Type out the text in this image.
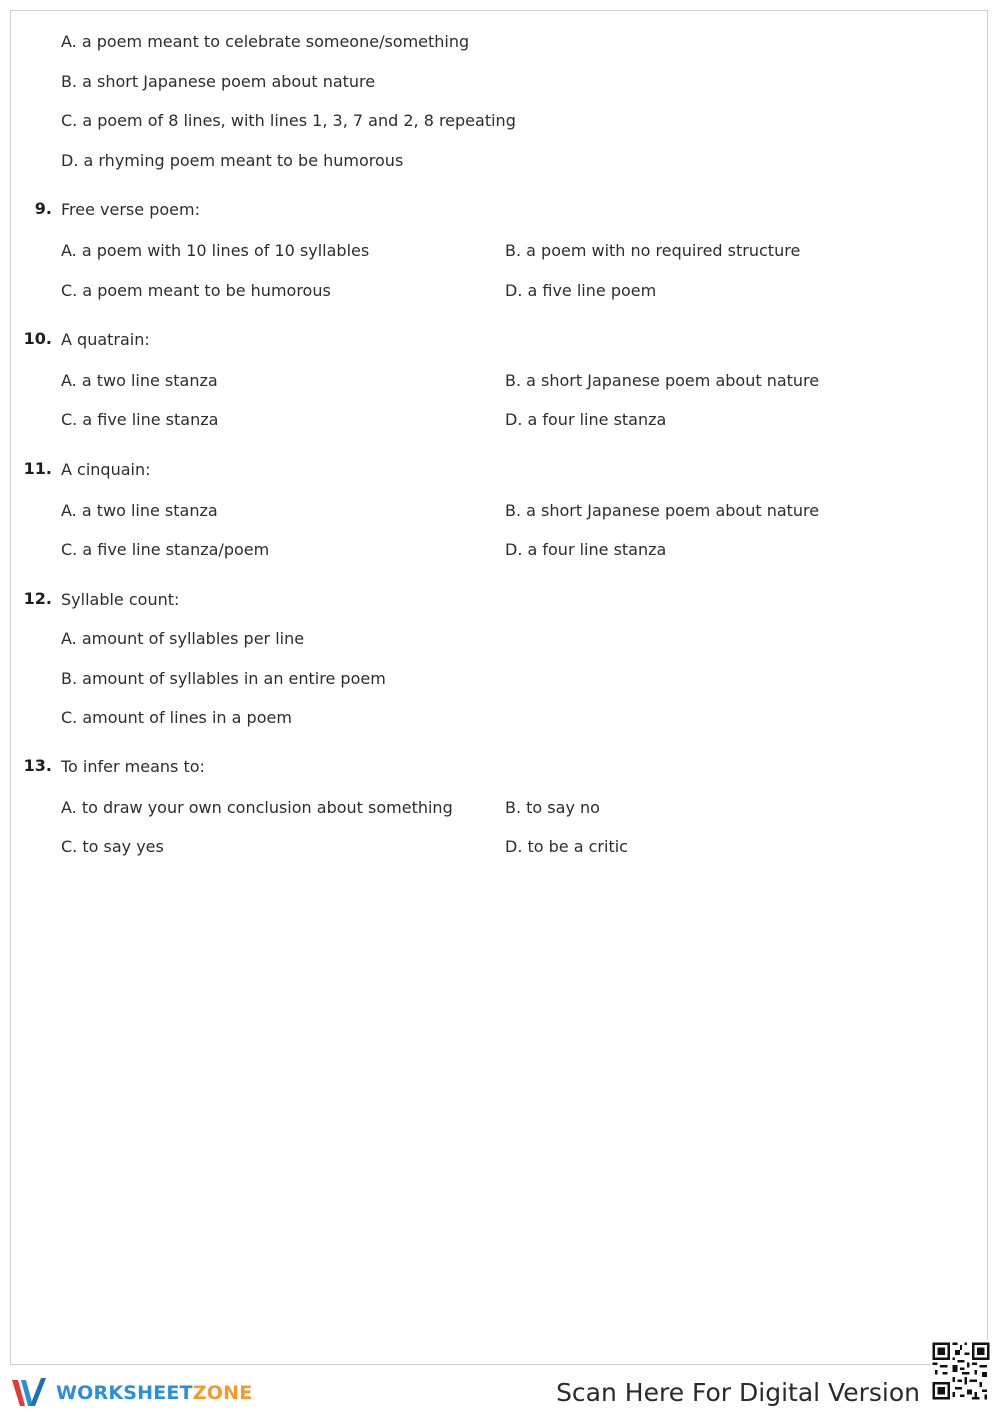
A. a poem meant to celebrate someone/something
B. a short Japanese poem about nature
C. a poem of 8 lines, with lines 1, 3, 7 and 2, 8 repeating
D. a rhyming poem meant to be humorous
9. Free verse poem:
A. a poem with 10 lines of 10 syllables	B. a poem with no required structure
C. a poem meant to be humorous	D. a five line poem
10. A quatrain:
A. a two line stanza	B. a short Japanese poem about nature
C. a five line stanza	D. a four line stanza
11. A cinquain:
A. a two line stanza	B. a short Japanese poem about nature
C. a five line stanza/poem	D. a four line stanza
12. Syllable count:
A. amount of syllables per line
B. amount of syllables in an entire poem
C. amount of lines in a poem
13. To infer means to:
A. to draw your own conclusion about something	B. to say no
C. to say yes	D. to be a critic
WORKSHEETZONE	Scan Here For Digital Version
